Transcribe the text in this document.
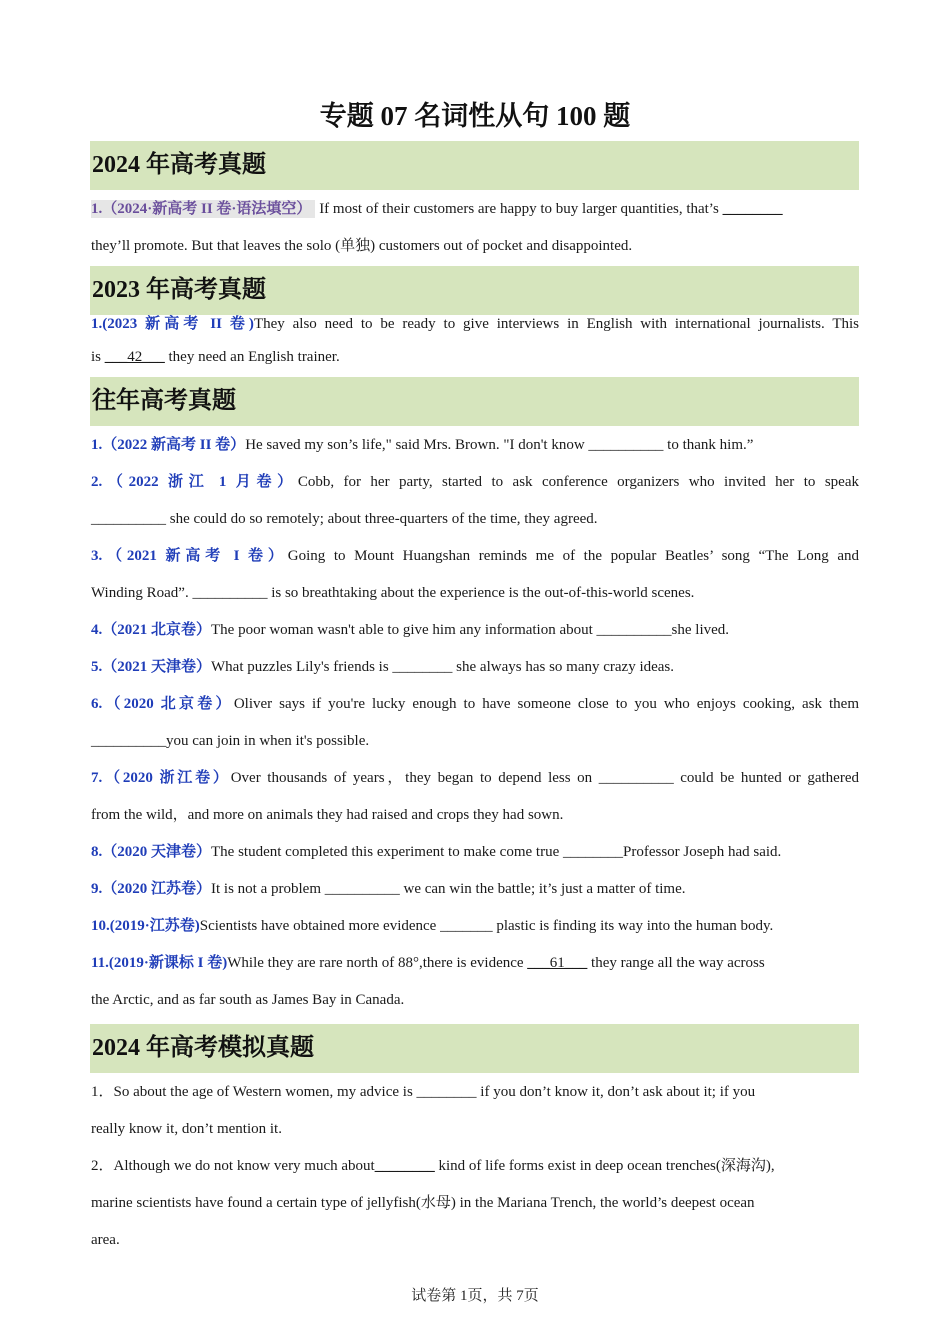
专题 07 名词性从句 100 题
2024 年高考真题

1.（2024·新高考 II 卷·语法填空） If most of their customers are happy to buy larger quantities, that’s ________

they’ll promote. But that leaves the solo (单独) customers out of pocket and disappointed.

2023 年高考真题

1.(2023 新高考 II 卷)They also need to be ready to give interviews in English with international journalists. This

is ___42___ they need an English trainer.

往年高考真题

1.（2022 新高考 II 卷）He saved my son’s life," said Mrs. Brown. "I don't know __________ to thank him.”

2.（2022 浙江 1 月卷）Cobb, for her party, started to ask conference organizers who invited her to speak

__________ she could do so remotely; about three-quarters of the time, they agreed.

3.（2021 新高考 I 卷）Going to Mount Huangshan reminds me of the popular Beatles’ song “The Long and

Winding Road”. __________ is so breathtaking about the experience is the out-of-this-world scenes.

4.（2021 北京卷）The poor woman wasn't able to give him any information about __________she lived.

5.（2021 天津卷）What puzzles Lily's friends is ________ she always has so many crazy ideas.

6.（2020 北京卷）Oliver says if you're lucky enough to have someone close to you who enjoys cooking, ask them

__________you can join in when it's possible.

7.（2020 浙江卷）Over thousands of years，they began to depend less on __________ could be hunted or gathered

from the wild，and more on animals they had raised and crops they had sown.

8.（2020 天津卷）The student completed this experiment to make come true ________Professor Joseph had said.

9.（2020 江苏卷）It is not a problem __________ we can win the battle; it’s just a matter of time.

10.(2019·江苏卷)Scientists have obtained more evidence _______ plastic is finding its way into the human body.

11.(2019·新课标 I 卷)While they are rare north of 88°,there is evidence ___61___ they range all the way across

the Arctic, and as far south as James Bay in Canada.

2024 年高考模拟真题

1．So about the age of Western women, my advice is ________ if you don’t know it, don’t ask about it; if you

really know it, don’t mention it.

2．Although we do not know very much about________ kind of life forms exist in deep ocean trenches(深海沟),

marine scientists have found a certain type of jellyfish(水母) in the Mariana Trench, the world’s deepest ocean

area.

试卷第 1页，共 7页
